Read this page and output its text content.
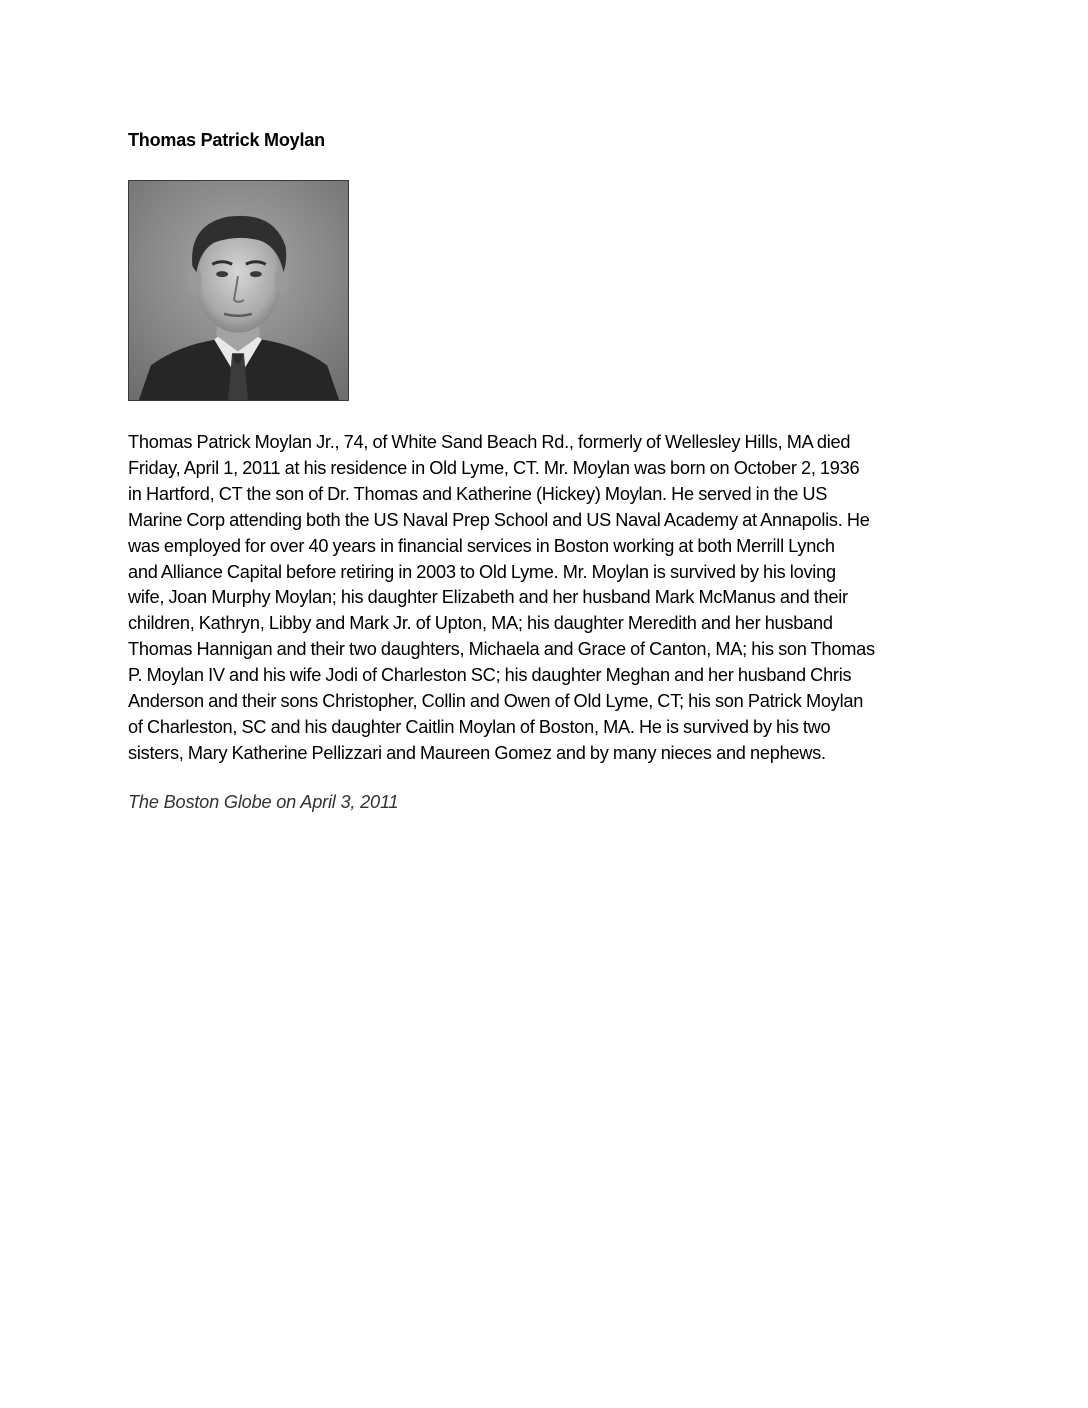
Thomas Patrick Moylan
Thomas Patrick Moylan Jr., 74, of White Sand Beach Rd., formerly of Wellesley Hills, MA died
Friday, April 1, 2011 at his residence in Old Lyme, CT. Mr. Moylan was born on October 2, 1936
in Hartford, CT the son of Dr. Thomas and Katherine (Hickey) Moylan. He served in the US
Marine Corp attending both the US Naval Prep School and US Naval Academy at Annapolis. He
was employed for over 40 years in financial services in Boston working at both Merrill Lynch
and Alliance Capital before retiring in 2003 to Old Lyme. Mr. Moylan is survived by his loving
wife, Joan Murphy Moylan; his daughter Elizabeth and her husband Mark McManus and their
children, Kathryn, Libby and Mark Jr. of Upton, MA; his daughter Meredith and her husband
Thomas Hannigan and their two daughters, Michaela and Grace of Canton, MA; his son Thomas
P. Moylan IV and his wife Jodi of Charleston SC; his daughter Meghan and her husband Chris
Anderson and their sons Christopher, Collin and Owen of Old Lyme, CT; his son Patrick Moylan
of Charleston, SC and his daughter Caitlin Moylan of Boston, MA. He is survived by his two
sisters, Mary Katherine Pellizzari and Maureen Gomez and by many nieces and nephews.
The Boston Globe on April 3, 2011
